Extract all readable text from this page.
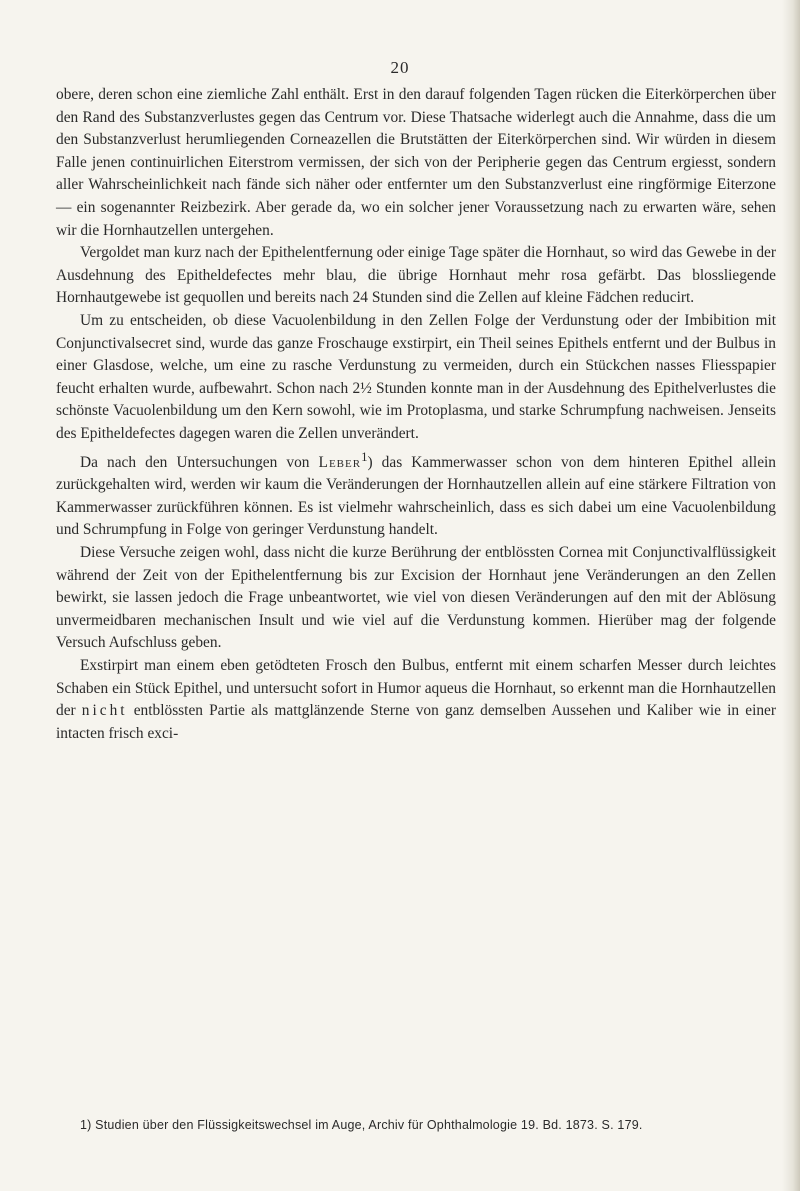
20

obere, deren schon eine ziemliche Zahl enthält. Erst in den darauf folgenden Tagen rücken die Eiterkörperchen über den Rand des Substanzverlustes gegen das Centrum vor. Diese Thatsache widerlegt auch die Annahme, dass die um den Substanzverlust herumliegenden Corneazellen die Brutstätten der Eiterkörperchen sind. Wir würden in diesem Falle jenen continuirlichen Eiterstrom vermissen, der sich von der Peripherie gegen das Centrum ergiesst, sondern aller Wahrscheinlichkeit nach fände sich näher oder entfernter um den Substanzverlust eine ringförmige Eiterzone — ein sogenannter Reizbezirk. Aber gerade da, wo ein solcher jener Voraussetzung nach zu erwarten wäre, sehen wir die Hornhautzellen untergehen.

Vergoldet man kurz nach der Epithelentfernung oder einige Tage später die Hornhaut, so wird das Gewebe in der Ausdehnung des Epitheldefectes mehr blau, die übrige Hornhaut mehr rosa gefärbt. Das blossliegende Hornhautgewebe ist gequollen und bereits nach 24 Stunden sind die Zellen auf kleine Fädchen reducirt.

Um zu entscheiden, ob diese Vacuolenbildung in den Zellen Folge der Verdunstung oder der Imbibition mit Conjunctivalsecret sind, wurde das ganze Froschauge exstirpirt, ein Theil seines Epithels entfernt und der Bulbus in einer Glasdose, welche, um eine zu rasche Verdunstung zu vermeiden, durch ein Stückchen nasses Fliesspapier feucht erhalten wurde, aufbewahrt. Schon nach 2½ Stunden konnte man in der Ausdehnung des Epithelverlustes die schönste Vacuolenbildung um den Kern sowohl, wie im Protoplasma, und starke Schrumpfung nachweisen. Jenseits des Epitheldefectes dagegen waren die Zellen unverändert.

Da nach den Untersuchungen von Leber$^1$) das Kammerwasser schon von dem hinteren Epithel allein zurückgehalten wird, werden wir kaum die Veränderungen der Hornhautzellen allein auf eine stärkere Filtration von Kammerwasser zurückführen können. Es ist vielmehr wahrscheinlich, dass es sich dabei um eine Vacuolenbildung und Schrumpfung in Folge von geringer Verdunstung handelt.

Diese Versuche zeigen wohl, dass nicht die kurze Berührung der entblössten Cornea mit Conjunctivalflüssigkeit während der Zeit von der Epithelentfernung bis zur Excision der Hornhaut jene Veränderungen an den Zellen bewirkt, sie lassen jedoch die Frage unbeantwortet, wie viel von diesen Veränderungen auf den mit der Ablösung unvermeidbaren mechanischen Insult und wie viel auf die Verdunstung kommen. Hierüber mag der folgende Versuch Aufschluss geben.

Exstirpirt man einem eben getödteten Frosch den Bulbus, entfernt mit einem scharfen Messer durch leichtes Schaben ein Stück Epithel, und untersucht sofort in Humor aqueus die Hornhaut, so erkennt man die Hornhautzellen der nicht entblössten Partie als mattglänzende Sterne von ganz demselben Aussehen und Kaliber wie in einer intacten frisch exci-

1) Studien über den Flüssigkeitswechsel im Auge, Archiv für Ophthalmologie 19. Bd. 1873. S. 179.
